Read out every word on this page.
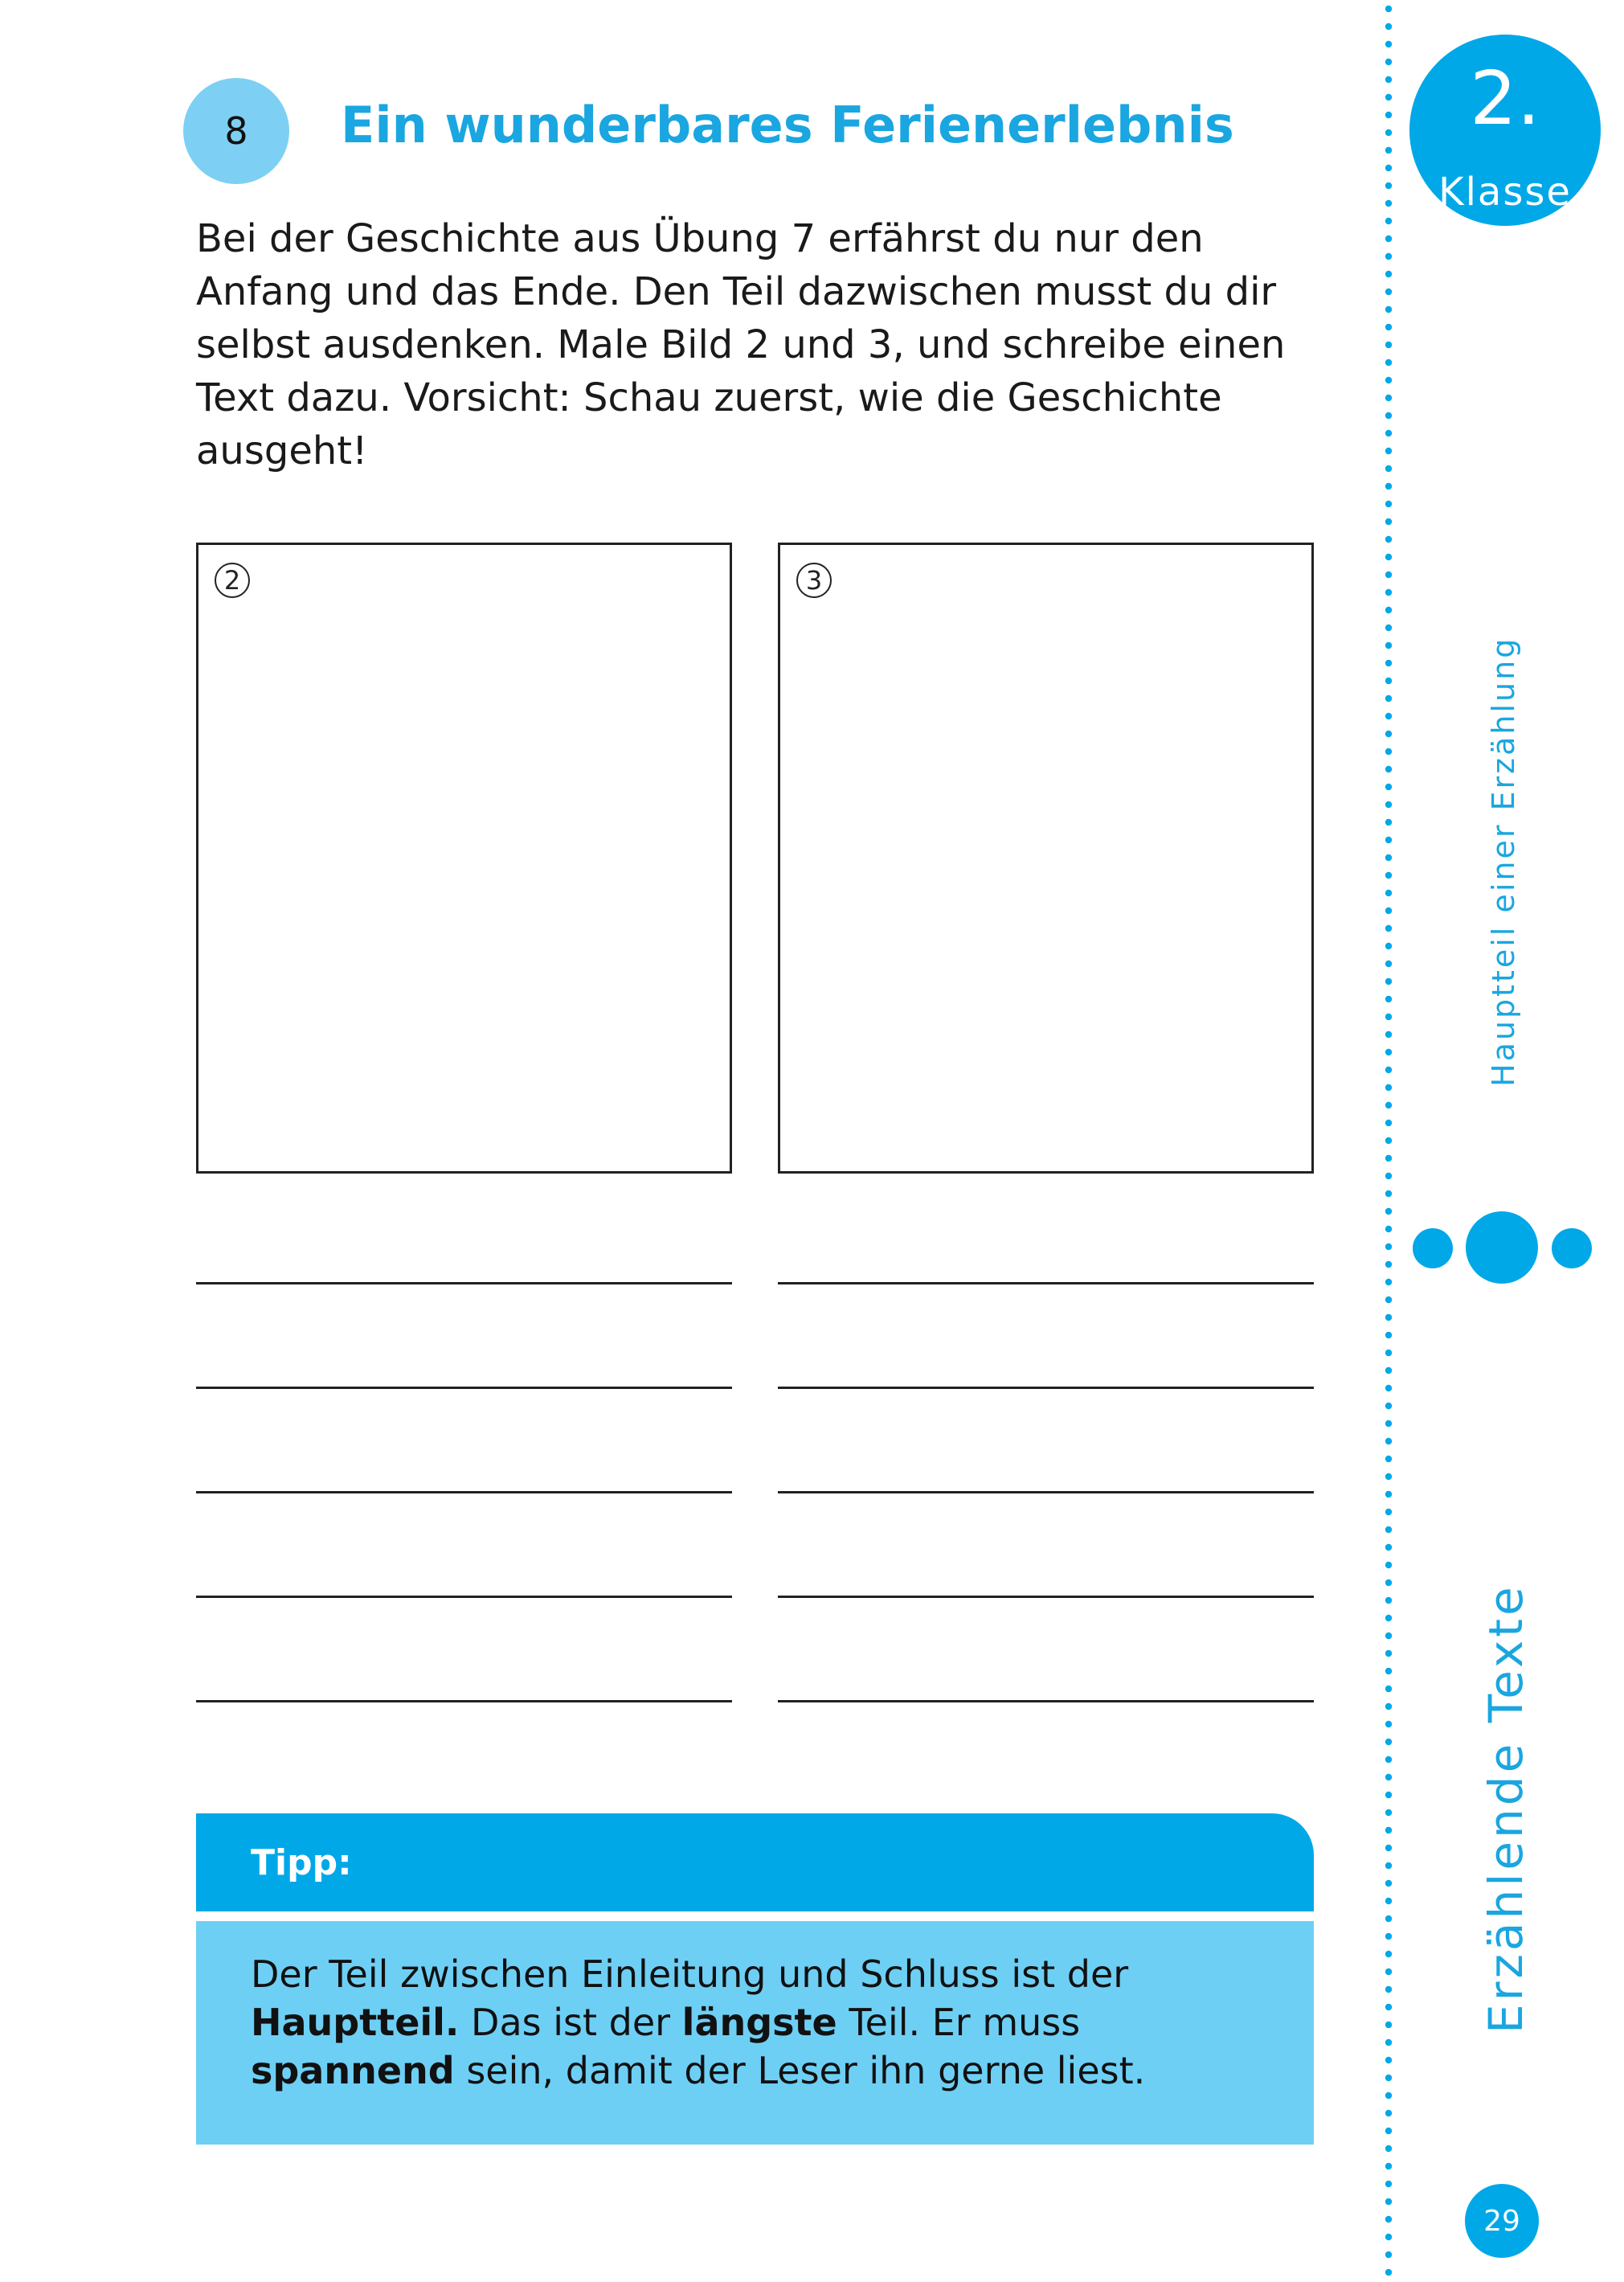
8 Ein wunderbares Ferienerlebnis
Bei der Geschichte aus Übung 7 erfährst du nur den Anfang und das Ende. Den Teil dazwischen musst du dir selbst ausdenken. Male Bild 2 und 3, und schreibe einen Text dazu. Vorsicht: Schau zuerst, wie die Geschichte ausgeht!
2	3
Tipp:
Der Teil zwischen Einleitung und Schluss ist der
Hauptteil. Das ist der längste Teil. Er muss
spannend sein, damit der Leser ihn gerne liest.
2.
Klasse
Hauptteil einer Erzählung
Erzählende Texte
29
